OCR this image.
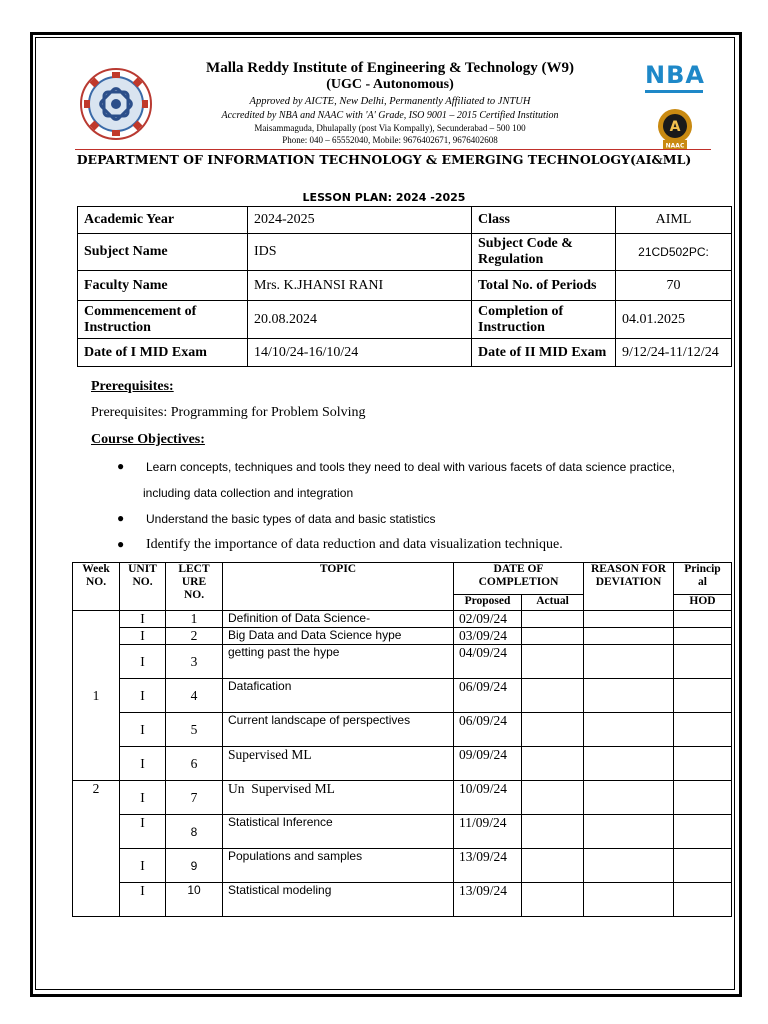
Malla Reddy Institute of Engineering & Technology (W9)
(UGC - Autonomous)
Approved by AICTE, New Delhi, Permanently Affiliated to JNTUH
Accredited by NBA and NAAC with 'A' Grade, ISO 9001 – 2015 Certified Institution
Maisammaguda, Dhulapally (post Via Kompally), Secunderabad – 500 100
Phone: 040 – 65552040, Mobile: 9676402671, 9676402608
NBA
A
NAAC
DEPARTMENT OF INFORMATION TECHNOLOGY & EMERGING TECHNOLOGY(AI&ML)
LESSON PLAN: 2024 -2025
Academic Year	2024-2025	Class	AIML
Subject Name	IDS	Subject Code & Regulation	21CD502PC:
Faculty Name	Mrs. K.JHANSI RANI	Total No. of Periods	70
Commencement of Instruction	20.08.2024	Completion of Instruction	04.01.2025
Date of I MID Exam	14/10/24-16/10/24	Date of II MID Exam	9/12/24-11/12/24
Prerequisites:
Prerequisites: Programming for Problem Solving
Course Objectives:
● Learn concepts, techniques and tools they need to deal with various facets of data science practice,
including data collection and integration
● Understand the basic types of data and basic statistics
● Identify the importance of data reduction and data visualization technique.
Week NO.	UNIT NO.	LECT URE NO.	TOPIC	DATE OF COMPLETION		REASON FOR DEVIATION	Princip al
				Proposed	Actual		HOD
1	I	1	Definition of Data Science-	02/09/24			
	I	2	Big Data and Data Science hype	03/09/24			
	I	3	getting past the hype	04/09/24			
	I	4	Datafication	06/09/24			
	I	5	Current landscape of perspectives	06/09/24			
	I	6	Supervised ML	09/09/24			
2	I	7	Un  Supervised ML	10/09/24			
	I	8	Statistical Inference	11/09/24			
	I	9	Populations and samples	13/09/24			
	I	10	Statistical modeling	13/09/24			
